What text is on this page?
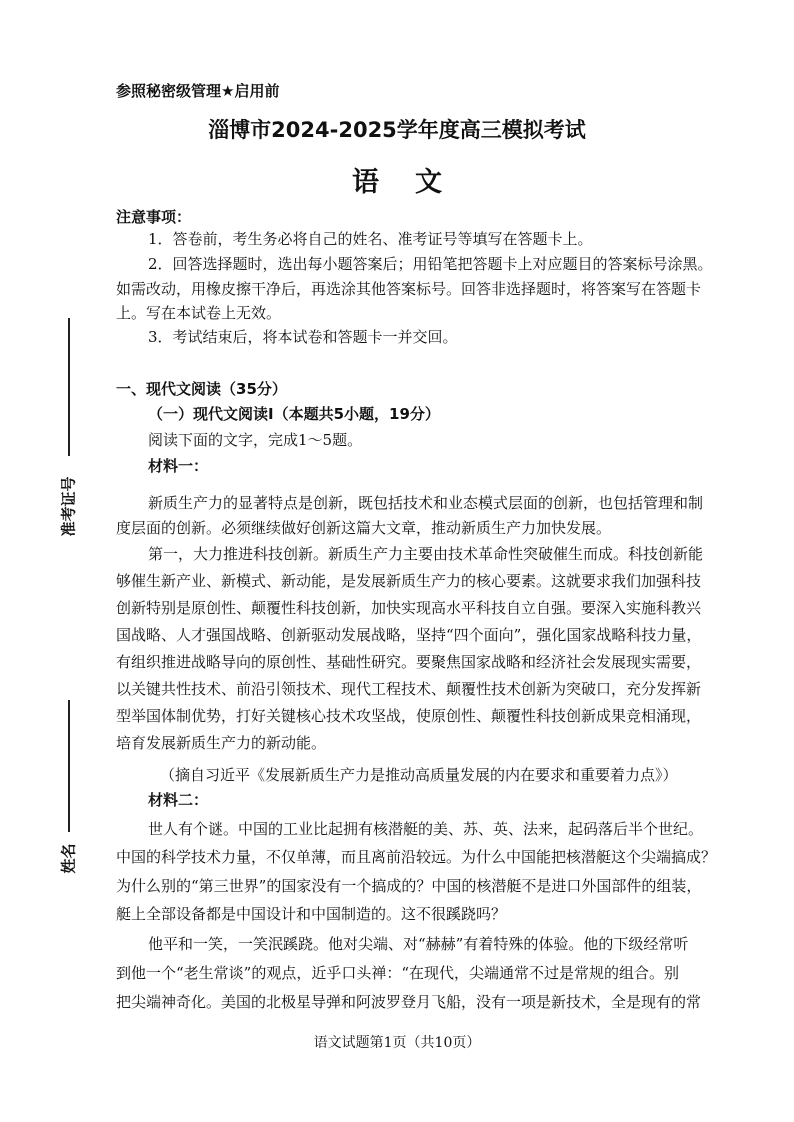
参照秘密级管理★启用前
淄博市2024-2025学年度高三模拟考试
语文
注意事项：
1．答卷前，考生务必将自己的姓名、准考证号等填写在答题卡上。
2．回答选择题时，选出每小题答案后；用铅笔把答题卡上对应题目的答案标号涂黑。
如需改动，用橡皮擦干净后，再选涂其他答案标号。回答非选择题时，将答案写在答题卡
上。写在本试卷上无效。
3．考试结束后，将本试卷和答题卡一并交回。
准考证号
姓名
一、现代文阅读（35分）
（一）现代文阅读Ⅰ（本题共5小题，19分）
阅读下面的文字，完成1～5题。
材料一：
新质生产力的显著特点是创新，既包括技术和业态模式层面的创新，也包括管理和制
度层面的创新。必须继续做好创新这篇大文章，推动新质生产力加快发展。
第一，大力推进科技创新。新质生产力主要由技术革命性突破催生而成。科技创新能
够催生新产业、新模式、新动能，是发展新质生产力的核心要素。这就要求我们加强科技
创新特别是原创性、颠覆性科技创新，加快实现高水平科技自立自强。要深入实施科教兴
国战略、人才强国战略、创新驱动发展战略，坚持“四个面向”，强化国家战略科技力量，
有组织推进战略导向的原创性、基础性研究。要聚焦国家战略和经济社会发展现实需要，
以关键共性技术、前沿引领技术、现代工程技术、颠覆性技术创新为突破口，充分发挥新
型举国体制优势，打好关键核心技术攻坚战，使原创性、颠覆性科技创新成果竞相涌现，
培育发展新质生产力的新动能。
（摘自习近平《发展新质生产力是推动高质量发展的内在要求和重要着力点》）
材料二：
世人有个谜。中国的工业比起拥有核潜艇的美、苏、英、法来，起码落后半个世纪。
中国的科学技术力量，不仅单薄，而且离前沿较远。为什么中国能把核潜艇这个尖端搞成？
为什么别的“第三世界”的国家没有一个搞成的？中国的核潜艇不是进口外国部件的组装，
艇上全部设备都是中国设计和中国制造的。这不很蹊跷吗？
他平和一笑，一笑泯蹊跷。他对尖端、对“赫赫”有着特殊的体验。他的下级经常听
到他一个“老生常谈”的观点，近乎口头禅：“在现代，尖端通常不过是常规的组合。别
把尖端神奇化。美国的北极星导弹和阿波罗登月飞船，没有一项是新技术，全是现有的常
语文试题第1页（共10页）
